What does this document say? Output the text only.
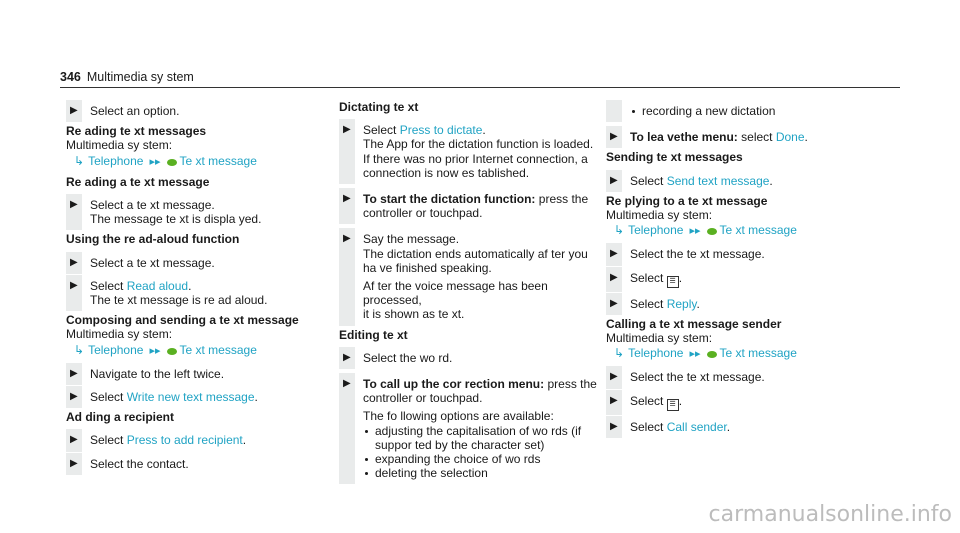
346 Multimedia sy stem
▶ Select an option.
Re ading te xt messages
Multimedia sy stem:
↳ Telephone ▸▸ Te xt message
Re ading a te xt message
▶ Select a te xt message.
The message te xt is displa yed.
Using the re ad-aloud function
▶ Select a te xt message.
▶ Select Read aloud.
The te xt message is re ad aloud.
Composing and sending a te xt message
Multimedia sy stem:
↳ Telephone ▸▸ Te xt message
▶ Navigate to the left twice.
▶ Select Write new text message.
Ad ding a recipient
▶ Select Press to add recipient.
▶ Select the contact.
Dictating te xt
▶ Select Press to dictate.
The App for the dictation function is loaded.
If there was no prior Internet connection, a
connection is now es tablished.
▶ To start the dictation function: press the
controller or touchpad.
▶ Say the message.
The dictation ends automatically af ter you
ha ve finished speaking.
Af ter the voice message has been processed,
it is shown as te xt.
Editing te xt
▶ Select the wo rd.
▶ To call up the cor rection menu: press the
controller or touchpad.
The fo llowing options are available:
adjusting the capitalisation of wo rds (if
suppor ted by the character set)
expanding the choice of wo rds
deleting the selection
recording a new dictation
▶ To lea vethe menu: select Done.
Sending te xt messages
▶ Select Send text message.
Re plying to a te xt message
Multimedia sy stem:
↳ Telephone ▸▸ Te xt message
▶ Select the te xt message.
▶ Select ☰ .
▶ Select Reply.
Calling a te xt message sender
Multimedia sy stem:
↳ Telephone ▸▸ Te xt message
▶ Select the te xt message.
▶ Select ☰ .
▶ Select Call sender.
carmanualsonline.info
